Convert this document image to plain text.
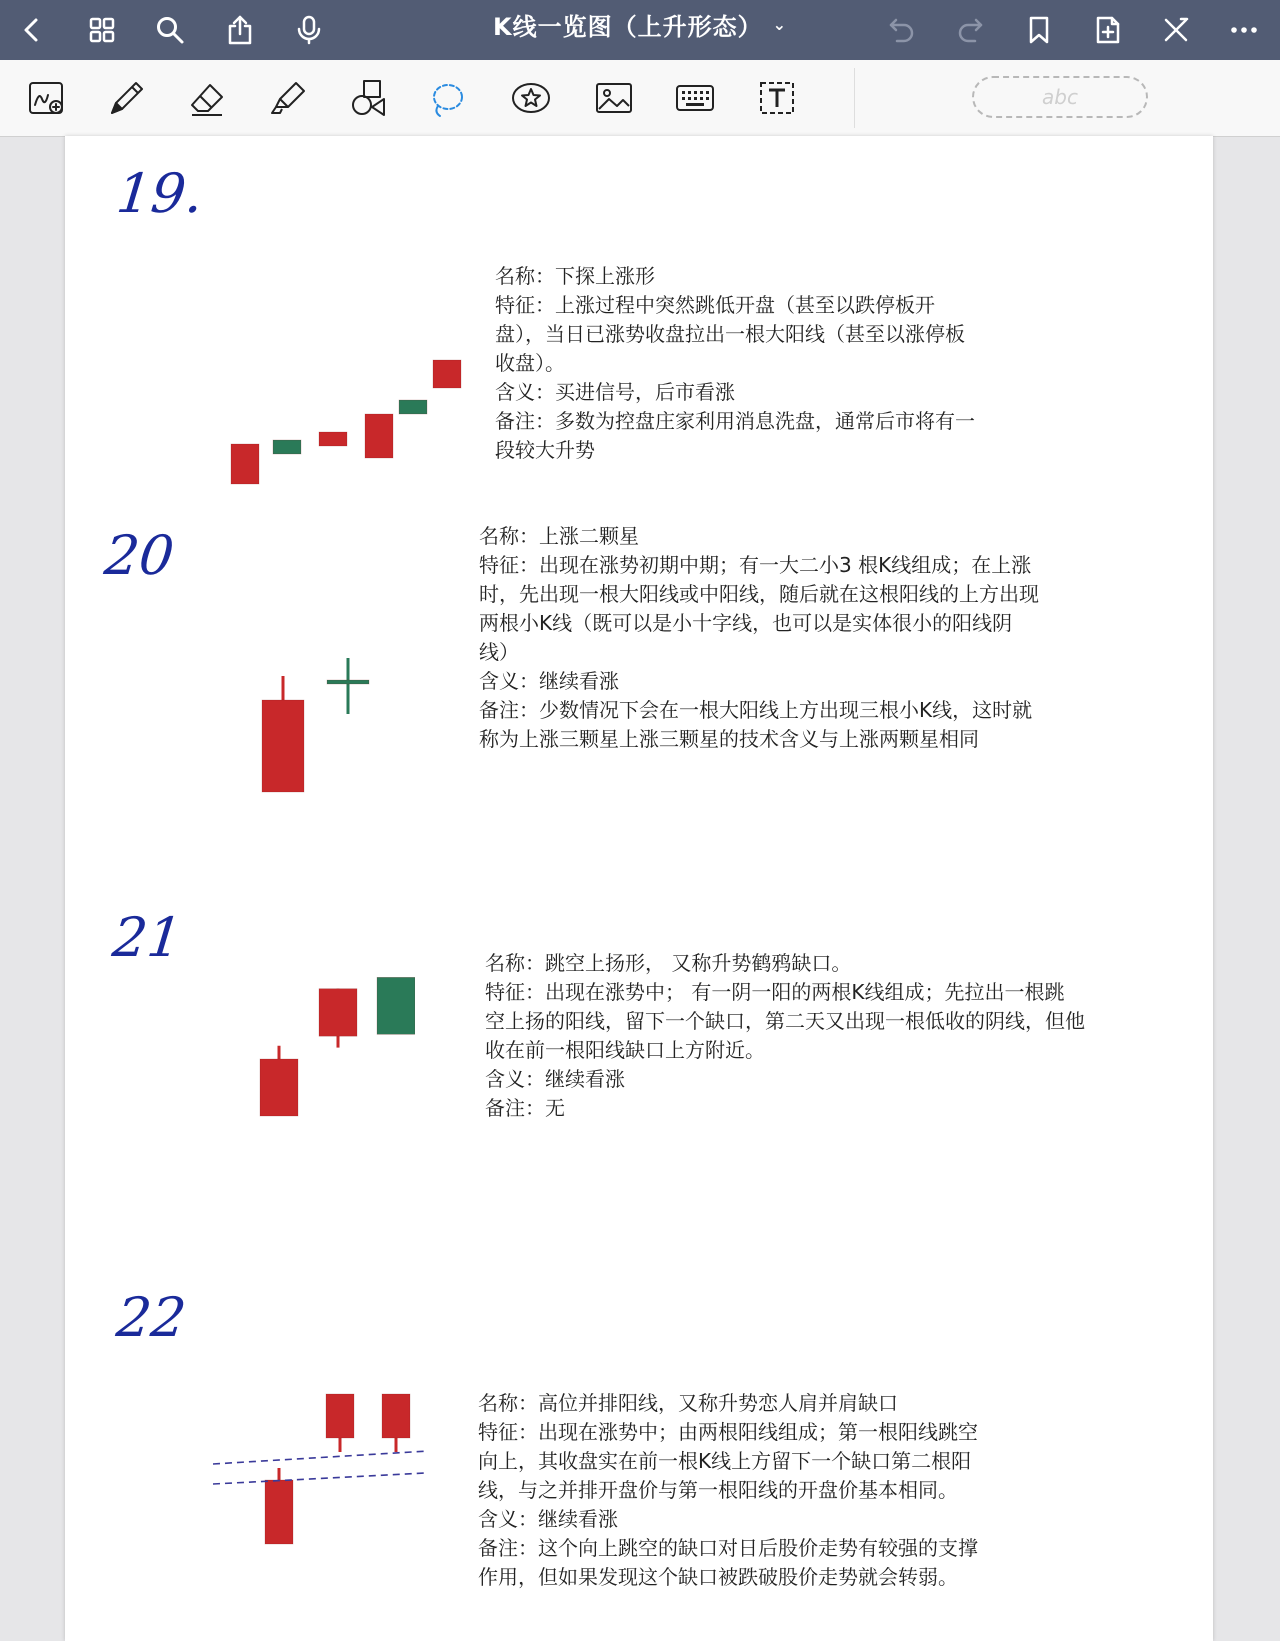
K线一览图（上升形态） ⌄
abc
19.
名称：下探上涨形
特征：上涨过程中突然跳低开盘（甚至以跌停板开
盘），当日已涨势收盘拉出一根大阳线（甚至以涨停板
收盘）。
含义：买进信号，后市看涨
备注：多数为控盘庄家利用消息洗盘，通常后市将有一
段较大升势
20	名称：上涨二颗星
特征：出现在涨势初期中期；有一大二小3 根K线组成；在上涨
时，先出现一根大阳线或中阳线，随后就在这根阳线的上方出现
两根小K线（既可以是小十字线，也可以是实体很小的阳线阴
线）
含义：继续看涨
备注：少数情况下会在一根大阳线上方出现三根小K线，这时就
称为上涨三颗星上涨三颗星的技术含义与上涨两颗星相同
21	名称：跳空上扬形， 又称升势鹤鸦缺口。
特征：出现在涨势中； 有一阴一阳的两根K线组成；先拉出一根跳
空上扬的阳线，留下一个缺口，第二天又出现一根低收的阴线，但他
收在前一根阳线缺口上方附近。
含义：继续看涨
备注：无
22
名称：高位并排阳线，又称升势恋人肩并肩缺口
特征：出现在涨势中；由两根阳线组成；第一根阳线跳空
向上，其收盘实在前一根K线上方留下一个缺口第二根阳
线，与之并排开盘价与第一根阳线的开盘价基本相同。
含义：继续看涨
备注：这个向上跳空的缺口对日后股价走势有较强的支撑
作用，但如果发现这个缺口被跌破股价走势就会转弱。
